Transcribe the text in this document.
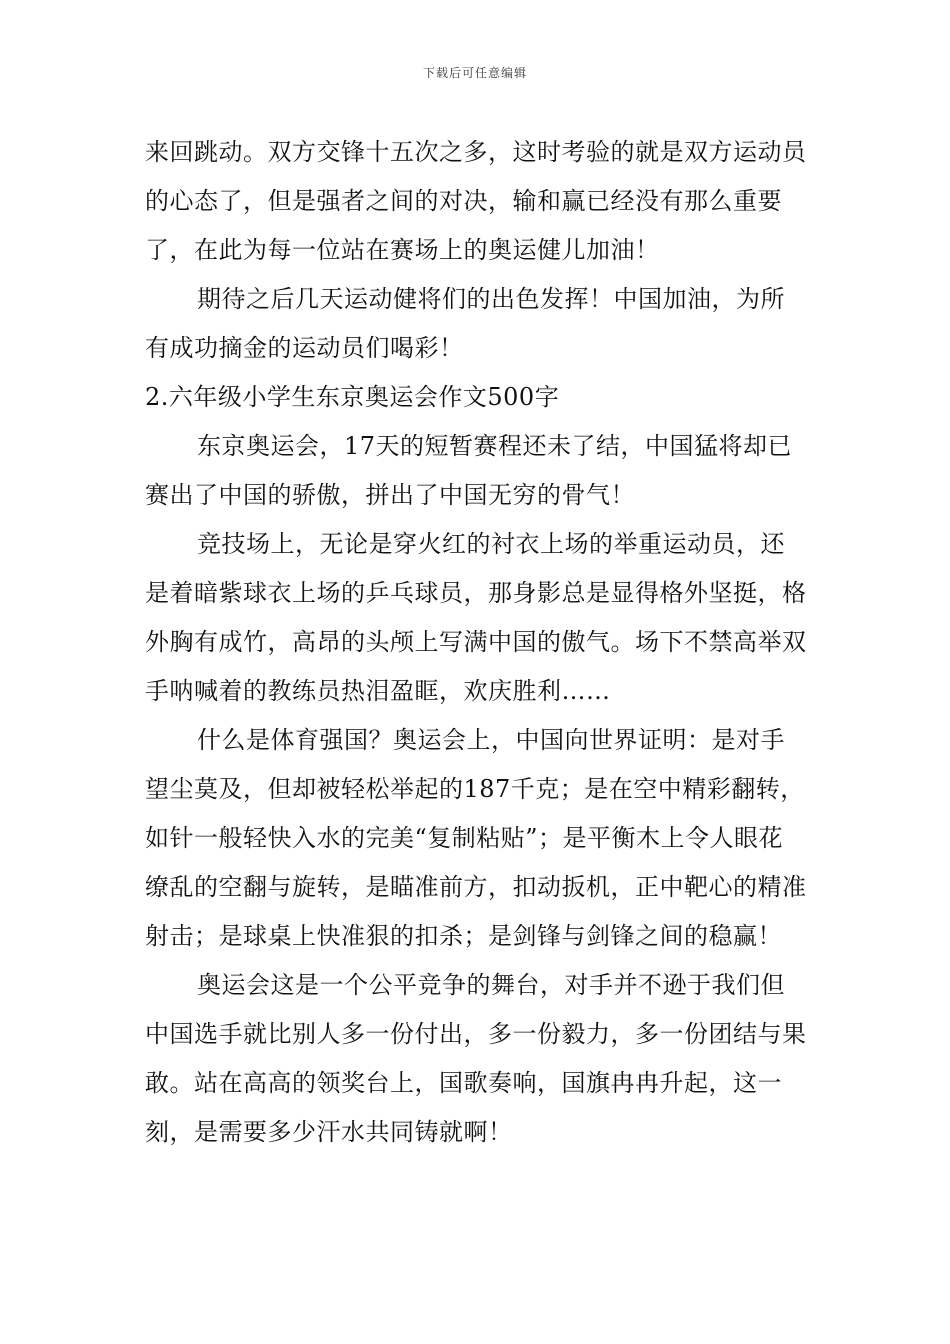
下载后可任意编辑

来回跳动。双方交锋十五次之多，这时考验的就是双方运动员的心态了，但是强者之间的对决，输和赢已经没有那么重要了，在此为每一位站在赛场上的奥运健儿加油！

期待之后几天运动健将们的出色发挥！中国加油，为所有成功摘金的运动员们喝彩！

2.六年级小学生东京奥运会作文500字

东京奥运会，17天的短暂赛程还未了结，中国猛将却已赛出了中国的骄傲，拼出了中国无穷的骨气！

竞技场上，无论是穿火红的衬衣上场的举重运动员，还是着暗紫球衣上场的乒乓球员，那身影总是显得格外坚挺，格外胸有成竹，高昂的头颅上写满中国的傲气。场下不禁高举双手呐喊着的教练员热泪盈眶，欢庆胜利……

什么是体育强国？奥运会上，中国向世界证明：是对手望尘莫及，但却被轻松举起的187千克；是在空中精彩翻转，如针一般轻快入水的完美“复制粘贴”；是平衡木上令人眼花缭乱的空翻与旋转，是瞄准前方，扣动扳机，正中靶心的精准射击；是球桌上快准狠的扣杀；是剑锋与剑锋之间的稳赢！

奥运会这是一个公平竞争的舞台，对手并不逊于我们但中国选手就比别人多一份付出，多一份毅力，多一份团结与果敢。站在高高的领奖台上，国歌奏响，国旗冉冉升起，这一刻，是需要多少汗水共同铸就啊！
